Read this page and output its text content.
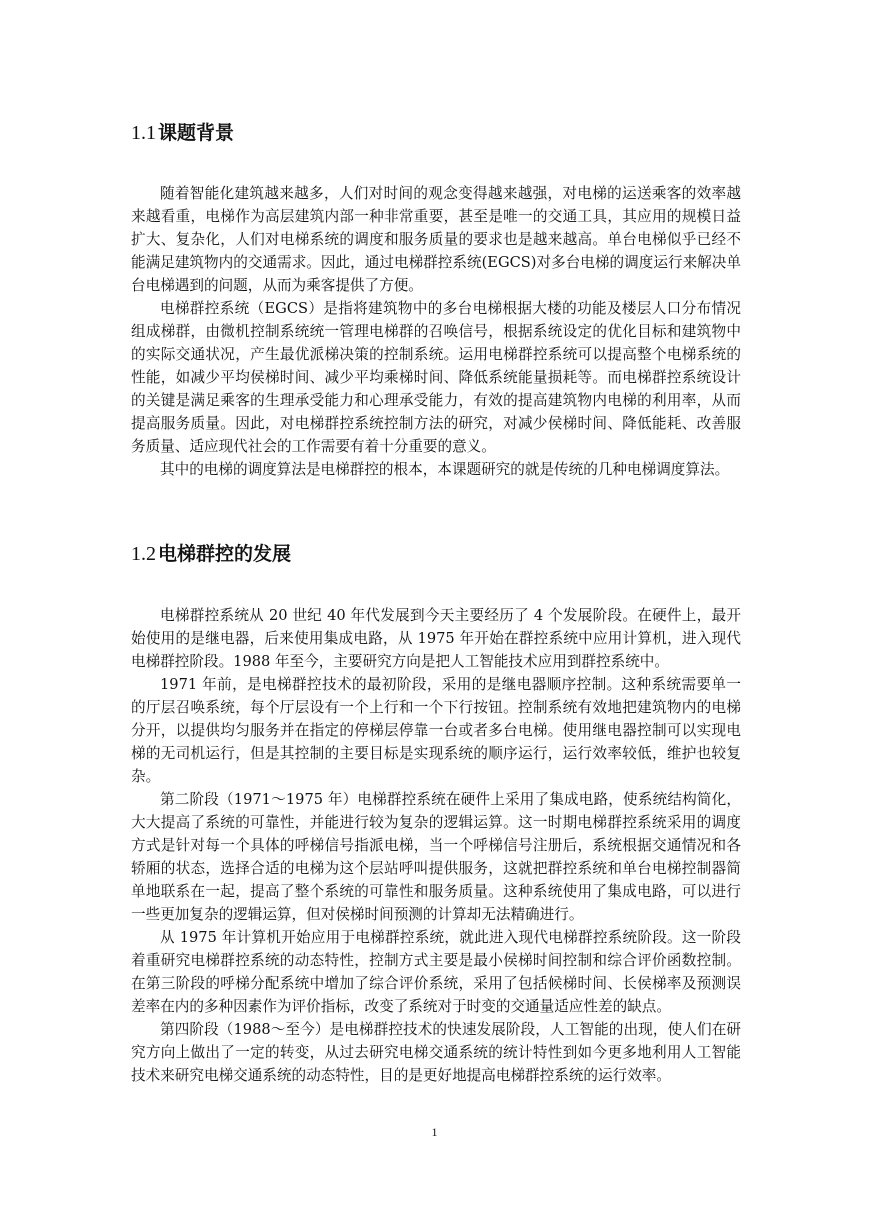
1.1 课题背景

随着智能化建筑越来越多，人们对时间的观念变得越来越强，对电梯的运送乘客的效率越来越看重，电梯作为高层建筑内部一种非常重要，甚至是唯一的交通工具，其应用的规模日益扩大、复杂化，人们对电梯系统的调度和服务质量的要求也是越来越高。单台电梯似乎已经不能满足建筑物内的交通需求。因此，通过电梯群控系统(EGCS)对多台电梯的调度运行来解决单台电梯遇到的问题，从而为乘客提供了方便。

电梯群控系统（EGCS）是指将建筑物中的多台电梯根据大楼的功能及楼层人口分布情况组成梯群，由微机控制系统统一管理电梯群的召唤信号，根据系统设定的优化目标和建筑物中的实际交通状况，产生最优派梯决策的控制系统。运用电梯群控系统可以提高整个电梯系统的性能，如减少平均侯梯时间、减少平均乘梯时间、降低系统能量损耗等。而电梯群控系统设计的关键是满足乘客的生理承受能力和心理承受能力，有效的提高建筑物内电梯的利用率，从而提高服务质量。因此，对电梯群控系统控制方法的研究，对减少侯梯时间、降低能耗、改善服务质量、适应现代社会的工作需要有着十分重要的意义。

其中的电梯的调度算法是电梯群控的根本，本课题研究的就是传统的几种电梯调度算法。

1.2 电梯群控的发展

电梯群控系统从 20 世纪 40 年代发展到今天主要经历了 4 个发展阶段。在硬件上，最开始使用的是继电器，后来使用集成电路，从 1975 年开始在群控系统中应用计算机，进入现代电梯群控阶段。1988 年至今，主要研究方向是把人工智能技术应用到群控系统中。

1971 年前，是电梯群控技术的最初阶段，采用的是继电器顺序控制。这种系统需要单一的厅层召唤系统，每个厅层设有一个上行和一个下行按钮。控制系统有效地把建筑物内的电梯分开，以提供均匀服务并在指定的停梯层停靠一台或者多台电梯。使用继电器控制可以实现电梯的无司机运行，但是其控制的主要目标是实现系统的顺序运行，运行效率较低，维护也较复杂。

第二阶段（1971～1975 年）电梯群控系统在硬件上采用了集成电路，使系统结构简化，大大提高了系统的可靠性，并能进行较为复杂的逻辑运算。这一时期电梯群控系统采用的调度方式是针对每一个具体的呼梯信号指派电梯，当一个呼梯信号注册后，系统根据交通情况和各轿厢的状态，选择合适的电梯为这个层站呼叫提供服务，这就把群控系统和单台电梯控制器简单地联系在一起，提高了整个系统的可靠性和服务质量。这种系统使用了集成电路，可以进行一些更加复杂的逻辑运算，但对侯梯时间预测的计算却无法精确进行。

从 1975 年计算机开始应用于电梯群控系统，就此进入现代电梯群控系统阶段。这一阶段着重研究电梯群控系统的动态特性，控制方式主要是最小侯梯时间控制和综合评价函数控制。在第三阶段的呼梯分配系统中增加了综合评价系统，采用了包括候梯时间、长侯梯率及预测误差率在内的多种因素作为评价指标，改变了系统对于时变的交通量适应性差的缺点。

第四阶段（1988～至今）是电梯群控技术的快速发展阶段，人工智能的出现，使人们在研究方向上做出了一定的转变，从过去研究电梯交通系统的统计特性到如今更多地利用人工智能技术来研究电梯交通系统的动态特性，目的是更好地提高电梯群控系统的运行效率。

1
